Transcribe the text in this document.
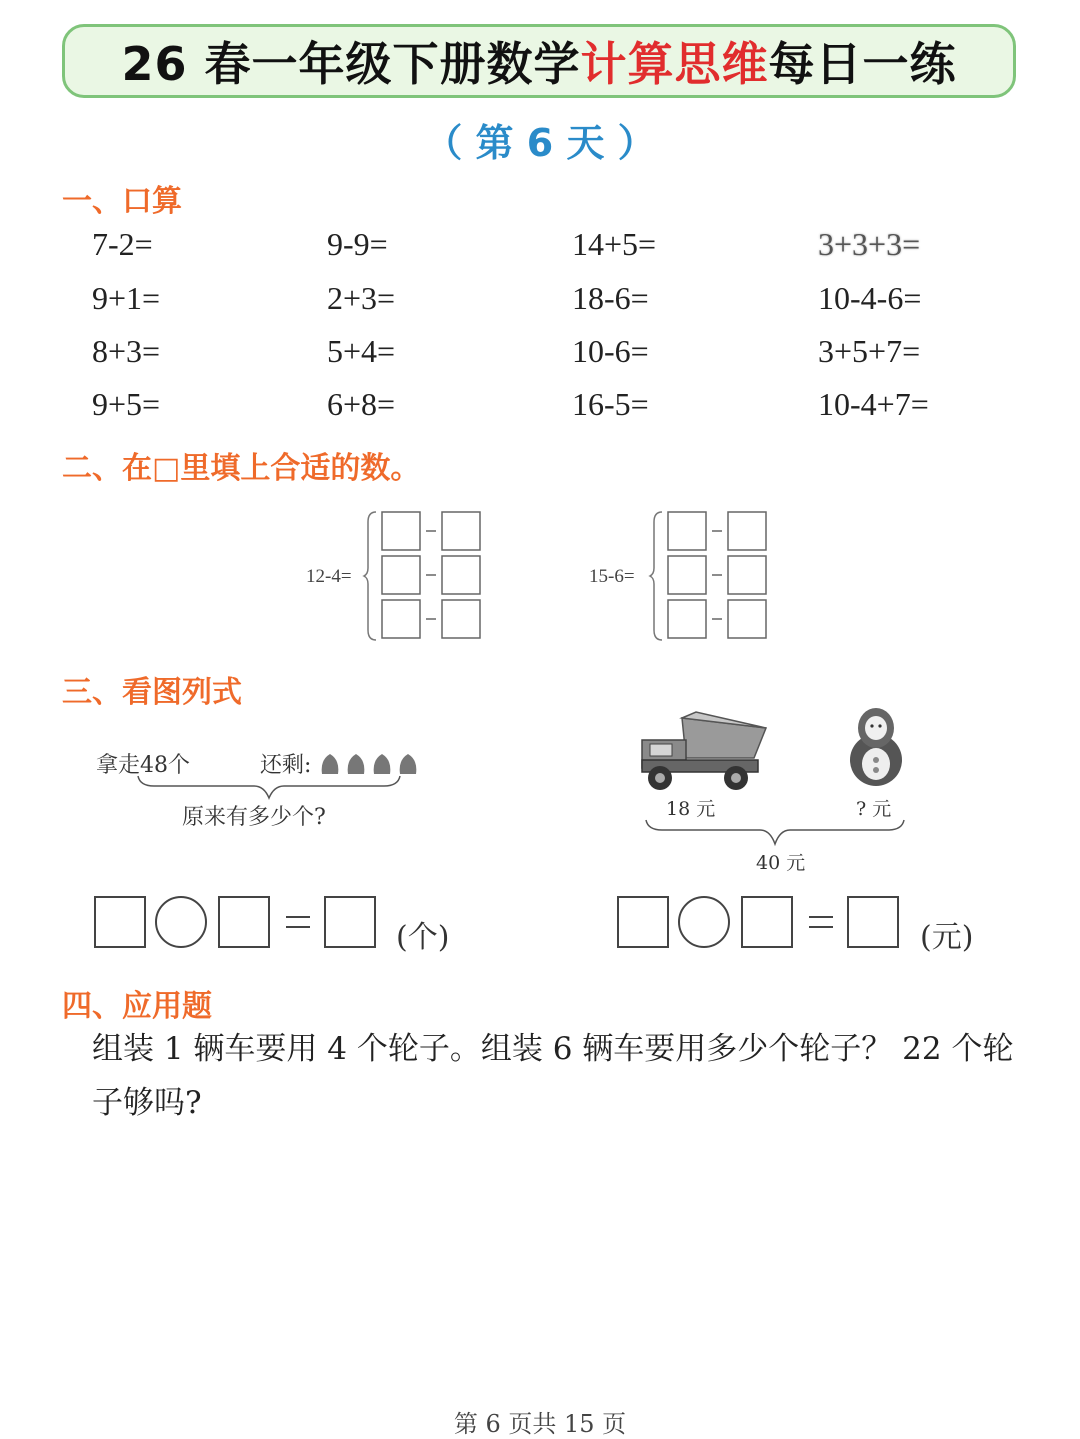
26 春一年级下册数学 计算思维 每日一练
（ 第 6 天 ）
一、口算
7-2=	9-9=	14+5=	3+3+3=
9+1=	2+3=	18-6=	10-4-6=
8+3=	5+4=	10-6=	3+5+7=
9+5=	6+8=	16-5=	10-4+7=
二、在□里填上合适的数。
12-4=	15-6=
三、看图列式
拿走48个	还剩:
原来有多少个?	18 元	? 元
40 元
(个)	(元)
四、应用题
组装 1 辆车要用 4 个轮子。组装 6 辆车要用多少个轮子？ 22 个轮
子够吗?
第 6 页共 15 页
